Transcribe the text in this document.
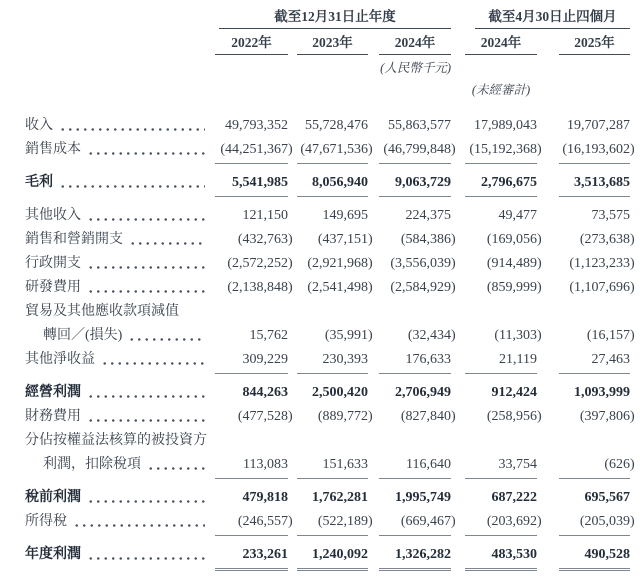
截至12月31日止年度	截至4月30日止四個月
2022年	2023年	2024年	2024年	2025年
(人民幣千元)
(未經審計)
收入	49,793,352	55,728,476	55,863,577	17,989,043	19,707,287
銷售成本	(44,251,367) (47,671,536) (46,799,848) (15,192,368) (16,193,602)
毛利	5,541,985	8,056,940	9,063,729	2,796,675	3,513,685
其他收入	121,150	149,695	224,375	49,477	73,575
銷售和營銷開支	(432,763)	(437,151)	(584,386)	(169,056)	(273,638)
行政開支	(2,572,252)	(2,921,968)	(3,556,039)	(914,489)	(1,123,233)
研發費用	(2,138,848)	(2,541,498)	(2,584,929)	(859,999)	(1,107,696)
貿易及其他應收款項減值
轉回／(損失)	15,762	(35,991)	(32,434)	(11,303)	(16,157)
其他淨收益	309,229	230,393	176,633	21,119	27,463
經營利潤	844,263	2,500,420	2,706,949	912,424	1,093,999
財務費用	(477,528)	(889,772)	(827,840)	(258,956)	(397,806)
分佔按權益法核算的被投資方
利潤，扣除稅項	113,083	151,633	116,640	33,754	(626)
稅前利潤	479,818	1,762,281	1,995,749	687,222	695,567
所得稅	(246,557)	(522,189)	(669,467)	(203,692)	(205,039)
年度利潤	233,261	1,240,092	1,326,282	483,530	490,528
